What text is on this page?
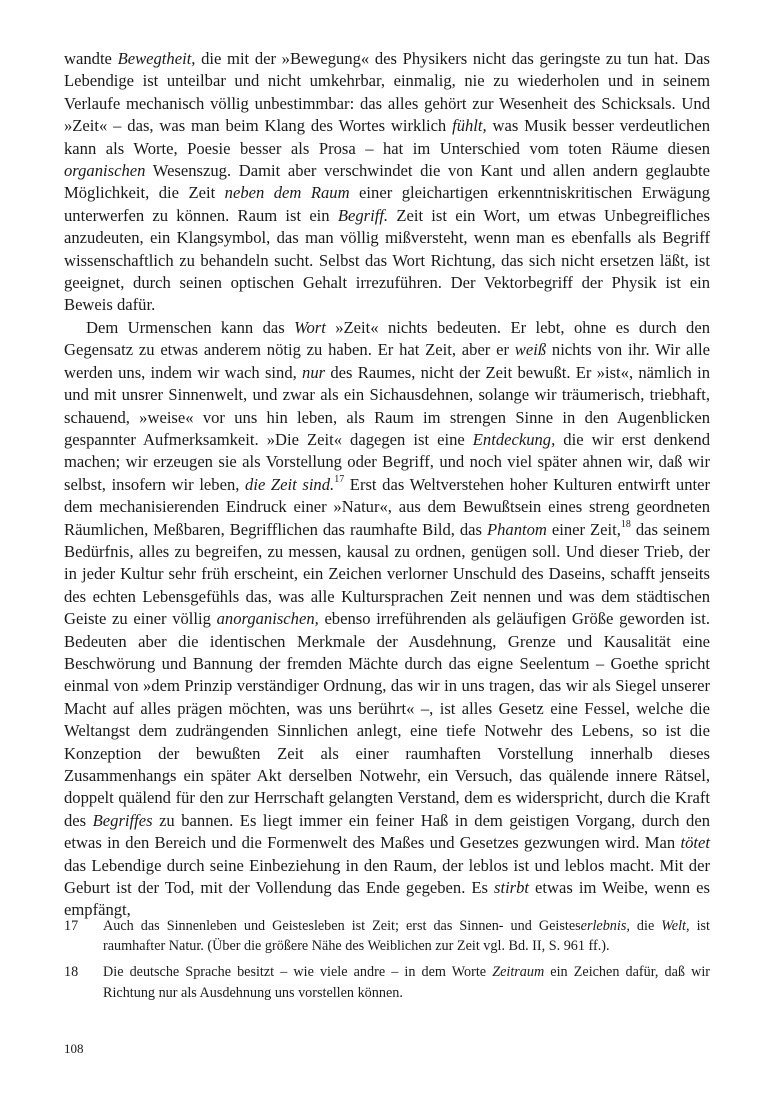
wandte Bewegtheit, die mit der »Bewegung« des Physikers nicht das geringste zu tun hat. Das Lebendige ist unteilbar und nicht umkehrbar, einmalig, nie zu wiederholen und in seinem Verlaufe mechanisch völlig unbestimmbar: das alles gehört zur Wesenheit des Schicksals. Und »Zeit« – das, was man beim Klang des Wortes wirklich fühlt, was Musik besser verdeutlichen kann als Worte, Poesie besser als Prosa – hat im Unterschied vom toten Räume diesen organischen Wesenszug. Damit aber verschwindet die von Kant und allen andern geglaubte Möglichkeit, die Zeit neben dem Raum einer gleichartigen erkenntniskritischen Erwägung unterwerfen zu können. Raum ist ein Begriff. Zeit ist ein Wort, um etwas Unbegreifliches anzudeuten, ein Klangsymbol, das man völlig mißversteht, wenn man es ebenfalls als Begriff wissenschaftlich zu behandeln sucht. Selbst das Wort Richtung, das sich nicht ersetzen läßt, ist geeignet, durch seinen optischen Gehalt irrezuführen. Der Vektorbegriff der Physik ist ein Beweis dafür.

Dem Urmenschen kann das Wort »Zeit« nichts bedeuten. Er lebt, ohne es durch den Gegensatz zu etwas anderem nötig zu haben. Er hat Zeit, aber er weiß nichts von ihr. Wir alle werden uns, indem wir wach sind, nur des Raumes, nicht der Zeit bewußt. Er »ist«, nämlich in und mit unsrer Sinnenwelt, und zwar als ein Sichausdehnen, solange wir träumerisch, triebhaft, schauend, »weise« vor uns hin leben, als Raum im strengen Sinne in den Augenblicken gespannter Aufmerksamkeit. »Die Zeit« dagegen ist eine Entdeckung, die wir erst denkend machen; wir erzeugen sie als Vorstellung oder Begriff, und noch viel später ahnen wir, daß wir selbst, insofern wir leben, die Zeit sind.$^{17}$ Erst das Weltverstehen hoher Kulturen entwirft unter dem mechanisierenden Eindruck einer »Natur«, aus dem Bewußtsein eines streng geordneten Räumlichen, Meßbaren, Begrifflichen das raumhafte Bild, das Phantom einer Zeit,$^{18}$ das seinem Bedürfnis, alles zu begreifen, zu messen, kausal zu ordnen, genügen soll. Und dieser Trieb, der in jeder Kultur sehr früh erscheint, ein Zeichen verlorner Unschuld des Daseins, schafft jenseits des echten Lebensgefühls das, was alle Kultursprachen Zeit nennen und was dem städtischen Geiste zu einer völlig anorganischen, ebenso irreführenden als geläufigen Größe geworden ist. Bedeuten aber die identischen Merkmale der Ausdehnung, Grenze und Kausalität eine Beschwörung und Bannung der fremden Mächte durch das eigne Seelentum – Goethe spricht einmal von »dem Prinzip verständiger Ordnung, das wir in uns tragen, das wir als Siegel unserer Macht auf alles prägen möchten, was uns berührt« –, ist alles Gesetz eine Fessel, welche die Weltangst dem zudrängenden Sinnlichen anlegt, eine tiefe Notwehr des Lebens, so ist die Konzeption der bewußten Zeit als einer raumhaften Vorstellung innerhalb dieses Zusammenhangs ein später Akt derselben Notwehr, ein Versuch, das quälende innere Rätsel, doppelt quälend für den zur Herrschaft gelangten Verstand, dem es widerspricht, durch die Kraft des Begriffes zu bannen. Es liegt immer ein feiner Haß in dem geistigen Vorgang, durch den etwas in den Bereich und die Formenwelt des Maßes und Gesetzes gezwungen wird. Man tötet das Lebendige durch seine Einbeziehung in den Raum, der leblos ist und leblos macht. Mit der Geburt ist der Tod, mit der Vollendung das Ende gegeben. Es stirbt etwas im Weibe, wenn es empfängt,

17	Auch das Sinnenleben und Geistesleben ist Zeit; erst das Sinnen- und Geisteserlebnis, die Welt, ist raumhafter Natur. (Über die größere Nähe des Weiblichen zur Zeit vgl. Bd. II, S. 961 ff.).
18	Die deutsche Sprache besitzt – wie viele andre – in dem Worte Zeitraum ein Zeichen dafür, daß wir Richtung nur als Ausdehnung uns vorstellen können.
108
